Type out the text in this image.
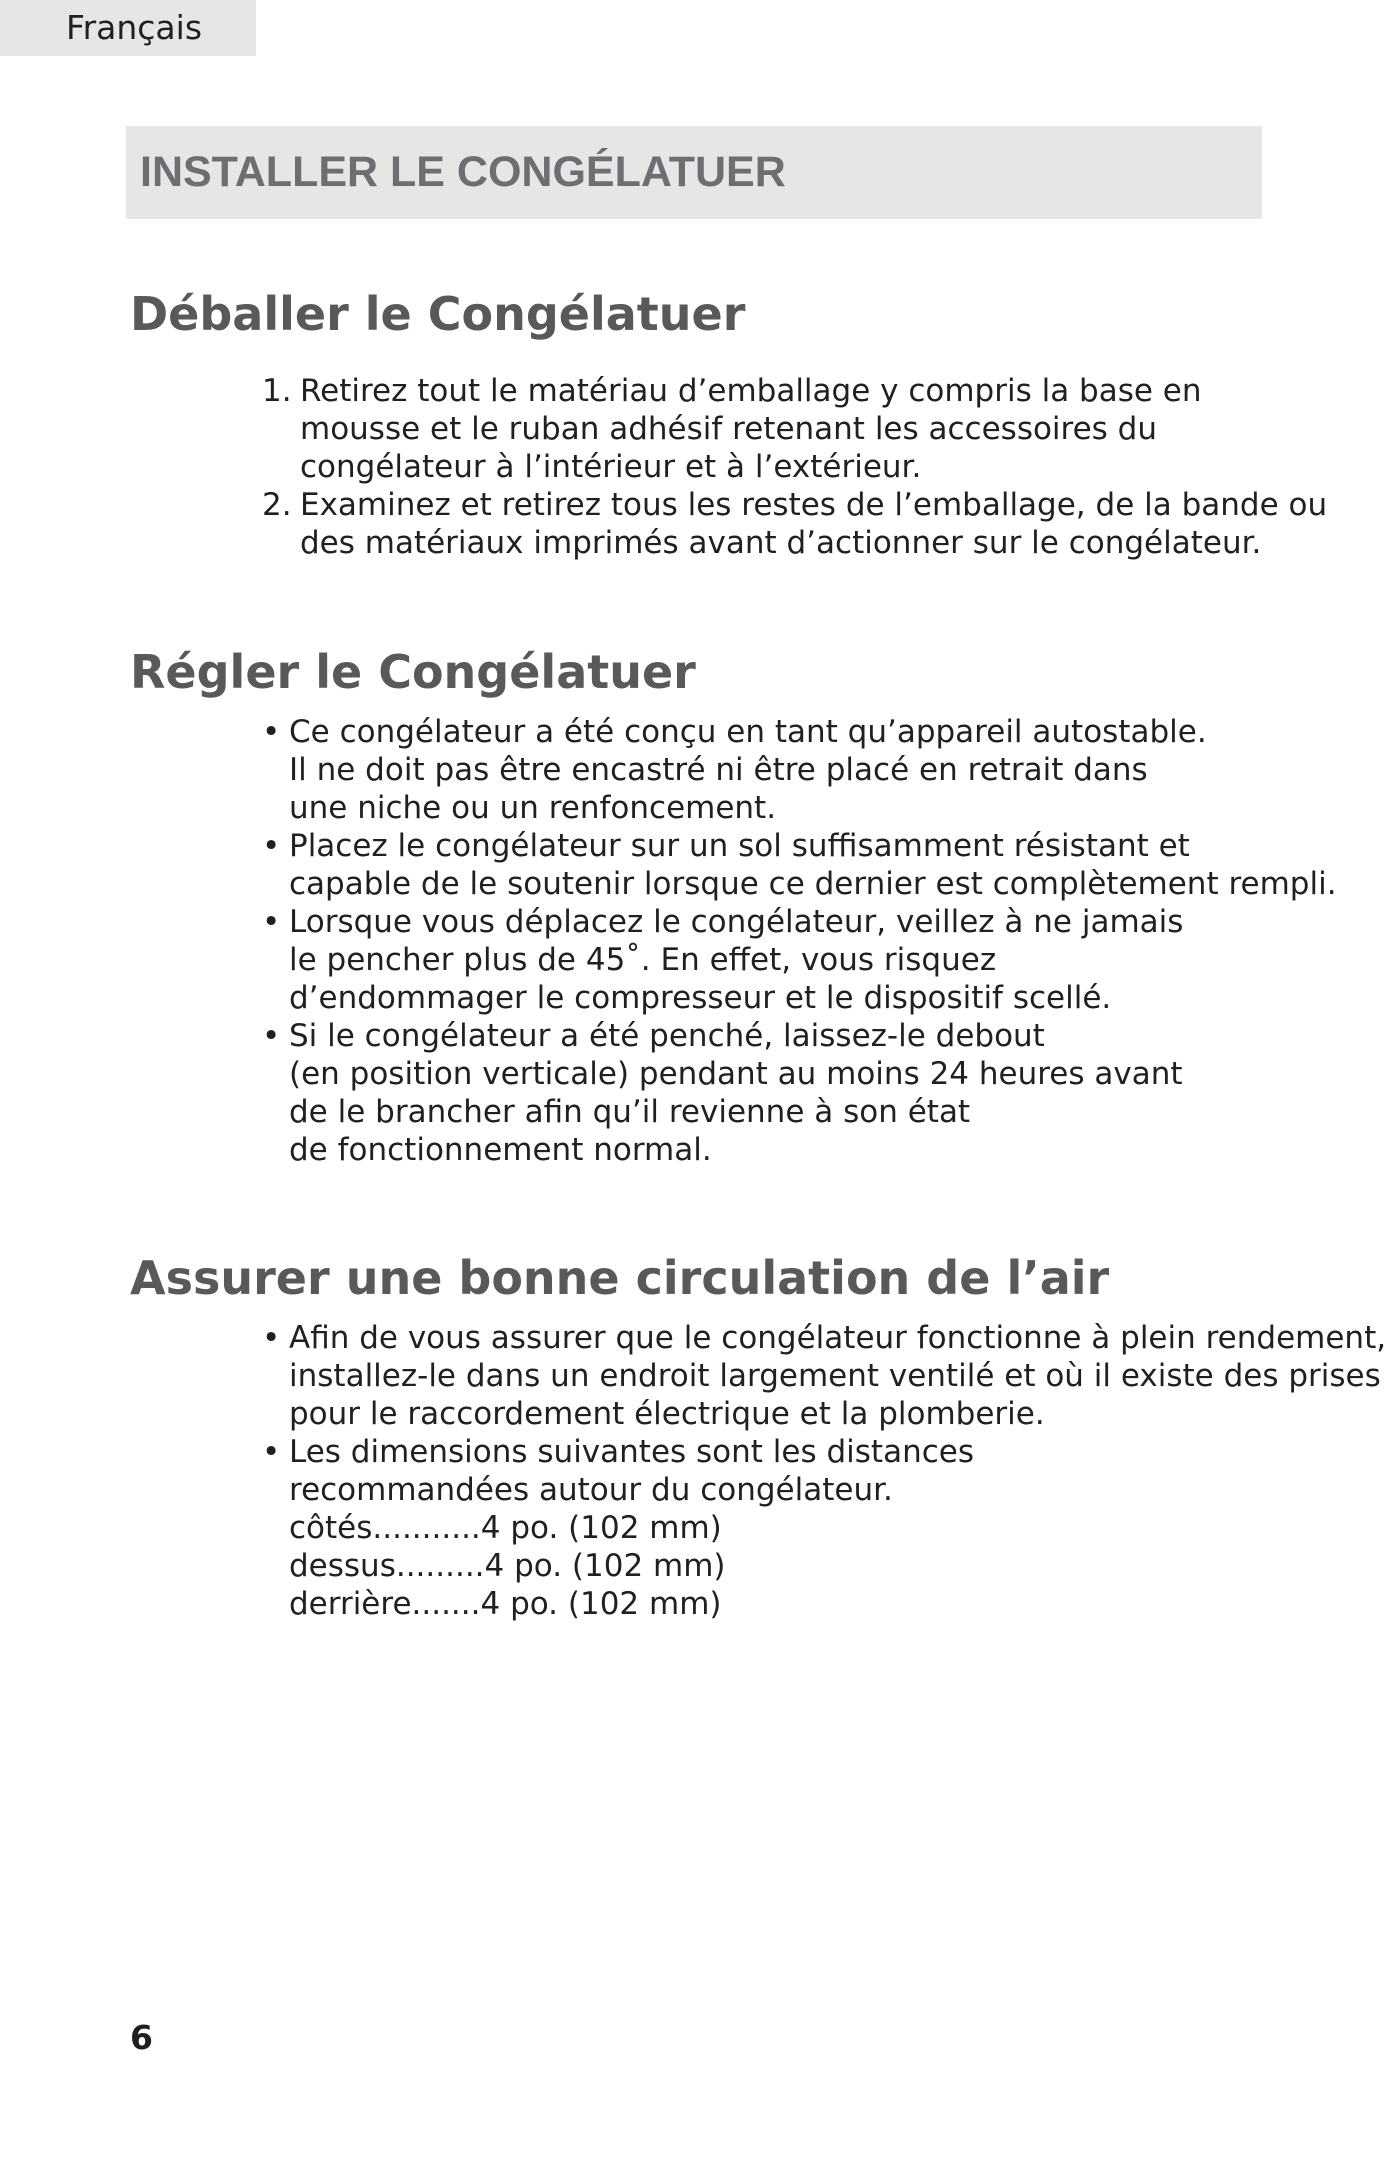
Français
INSTALLER LE CONGÉLATUER
Déballer le Congélatuer
1. Retirez tout le matériau d’emballage y compris la base en
mousse et le ruban adhésif retenant les accessoires du
congélateur à l’intérieur et à l’extérieur.
2. Examinez et retirez tous les restes de l’emballage, de la bande ou
des matériaux imprimés avant d’actionner sur le congélateur.
Régler le Congélatuer
• Ce congélateur a été conçu en tant qu’appareil autostable.
Il ne doit pas être encastré ni être placé en retrait dans
une niche ou un renfoncement.
• Placez le congélateur sur un sol suffisamment résistant et
capable de le soutenir lorsque ce dernier est complètement rempli.
• Lorsque vous déplacez le congélateur, veillez à ne jamais
le pencher plus de 45˚. En effet, vous risquez
d’endommager le compresseur et le dispositif scellé.
• Si le congélateur a été penché, laissez-le debout
(en position verticale) pendant au moins 24 heures avant
de le brancher afin qu’il revienne à son état
de fonctionnement normal.
Assurer une bonne circulation de l’air
• Afin de vous assurer que le congélateur fonctionne à plein rendement,
installez-le dans un endroit largement ventilé et où il existe des prises
pour le raccordement électrique et la plomberie.
• Les dimensions suivantes sont les distances
recommandées autour du congélateur.
côtés...........4 po. (102 mm)
dessus.........4 po. (102 mm)
derrière.......4 po. (102 mm)
6
